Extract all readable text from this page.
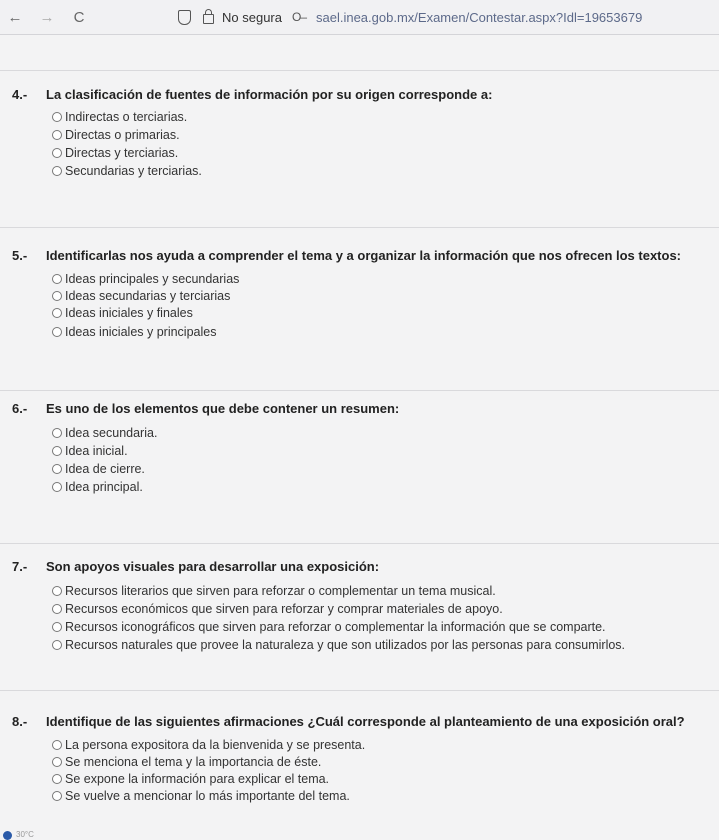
← →	C	No segura O‒ sael.inea.gob.mx/Examen/Contestar.aspx?Idl=19653679
4.- La clasificación de fuentes de información por su origen corresponde a:
Indirectas o terciarias.
Directas o primarias.
Directas y terciarias.
Secundarias y terciarias.
5.- Identificarlas nos ayuda a comprender el tema y a organizar la información que nos ofrecen los textos:
Ideas principales y secundarias
Ideas secundarias y terciarias
Ideas iniciales y finales
Ideas iniciales y principales
6.- Es uno de los elementos que debe contener un resumen:
Idea secundaria.
Idea inicial.
Idea de cierre.
Idea principal.
7.- Son apoyos visuales para desarrollar una exposición:
Recursos literarios que sirven para reforzar o complementar un tema musical.
Recursos económicos que sirven para reforzar y comprar materiales de apoyo.
Recursos iconográficos que sirven para reforzar o complementar la información que se comparte.
Recursos naturales que provee la naturaleza y que son utilizados por las personas para consumirlos.
8.- Identifique de las siguientes afirmaciones ¿Cuál corresponde al planteamiento de una exposición oral?
La persona expositora da la bienvenida y se presenta.
Se menciona el tema y la importancia de éste.
Se expone la información para explicar el tema.
Se vuelve a mencionar lo más importante del tema.
30°C
